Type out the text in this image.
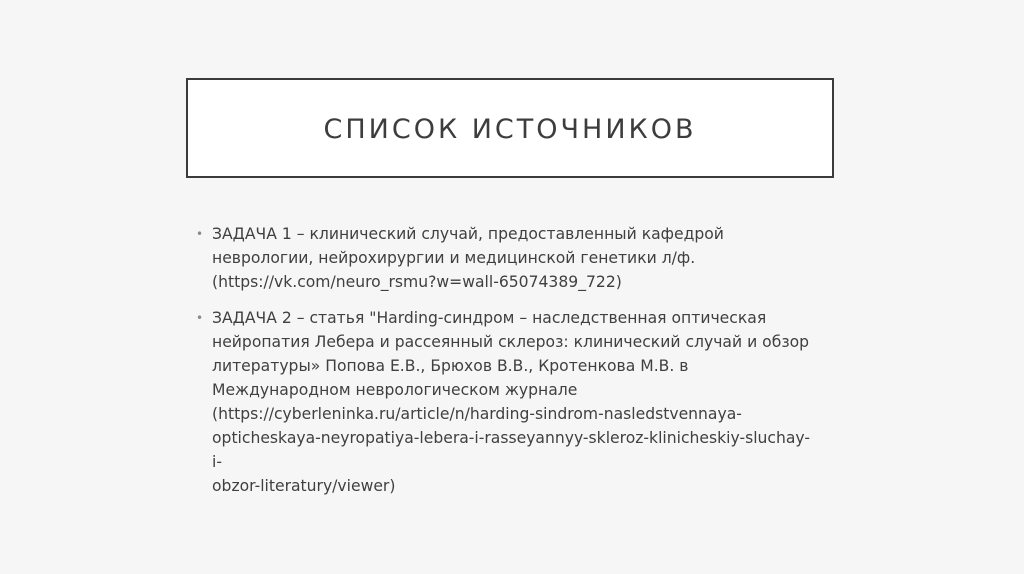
СПИСОК ИСТОЧНИКОВ
• ЗАДАЧА 1 – клинический случай, предоставленный кафедрой
неврологии, нейрохирургии и медицинской генетики л/ф.
(https://vk.com/neuro_rsmu?w=wall-65074389_722)
• ЗАДАЧА 2 – статья "Harding-синдром – наследственная оптическая
нейропатия Лебера и рассеянный склероз: клинический случай и обзор
литературы» Попова Е.В., Брюхов В.В., Кротенкова М.В. в
Международном неврологическом журнале
(https://cyberleninka.ru/article/n/harding-sindrom-nasledstvennaya-
opticheskaya-neyropatiya-lebera-i-rasseyannyy-skleroz-klinicheskiy-sluchay-i-
obzor-literatury/viewer)
